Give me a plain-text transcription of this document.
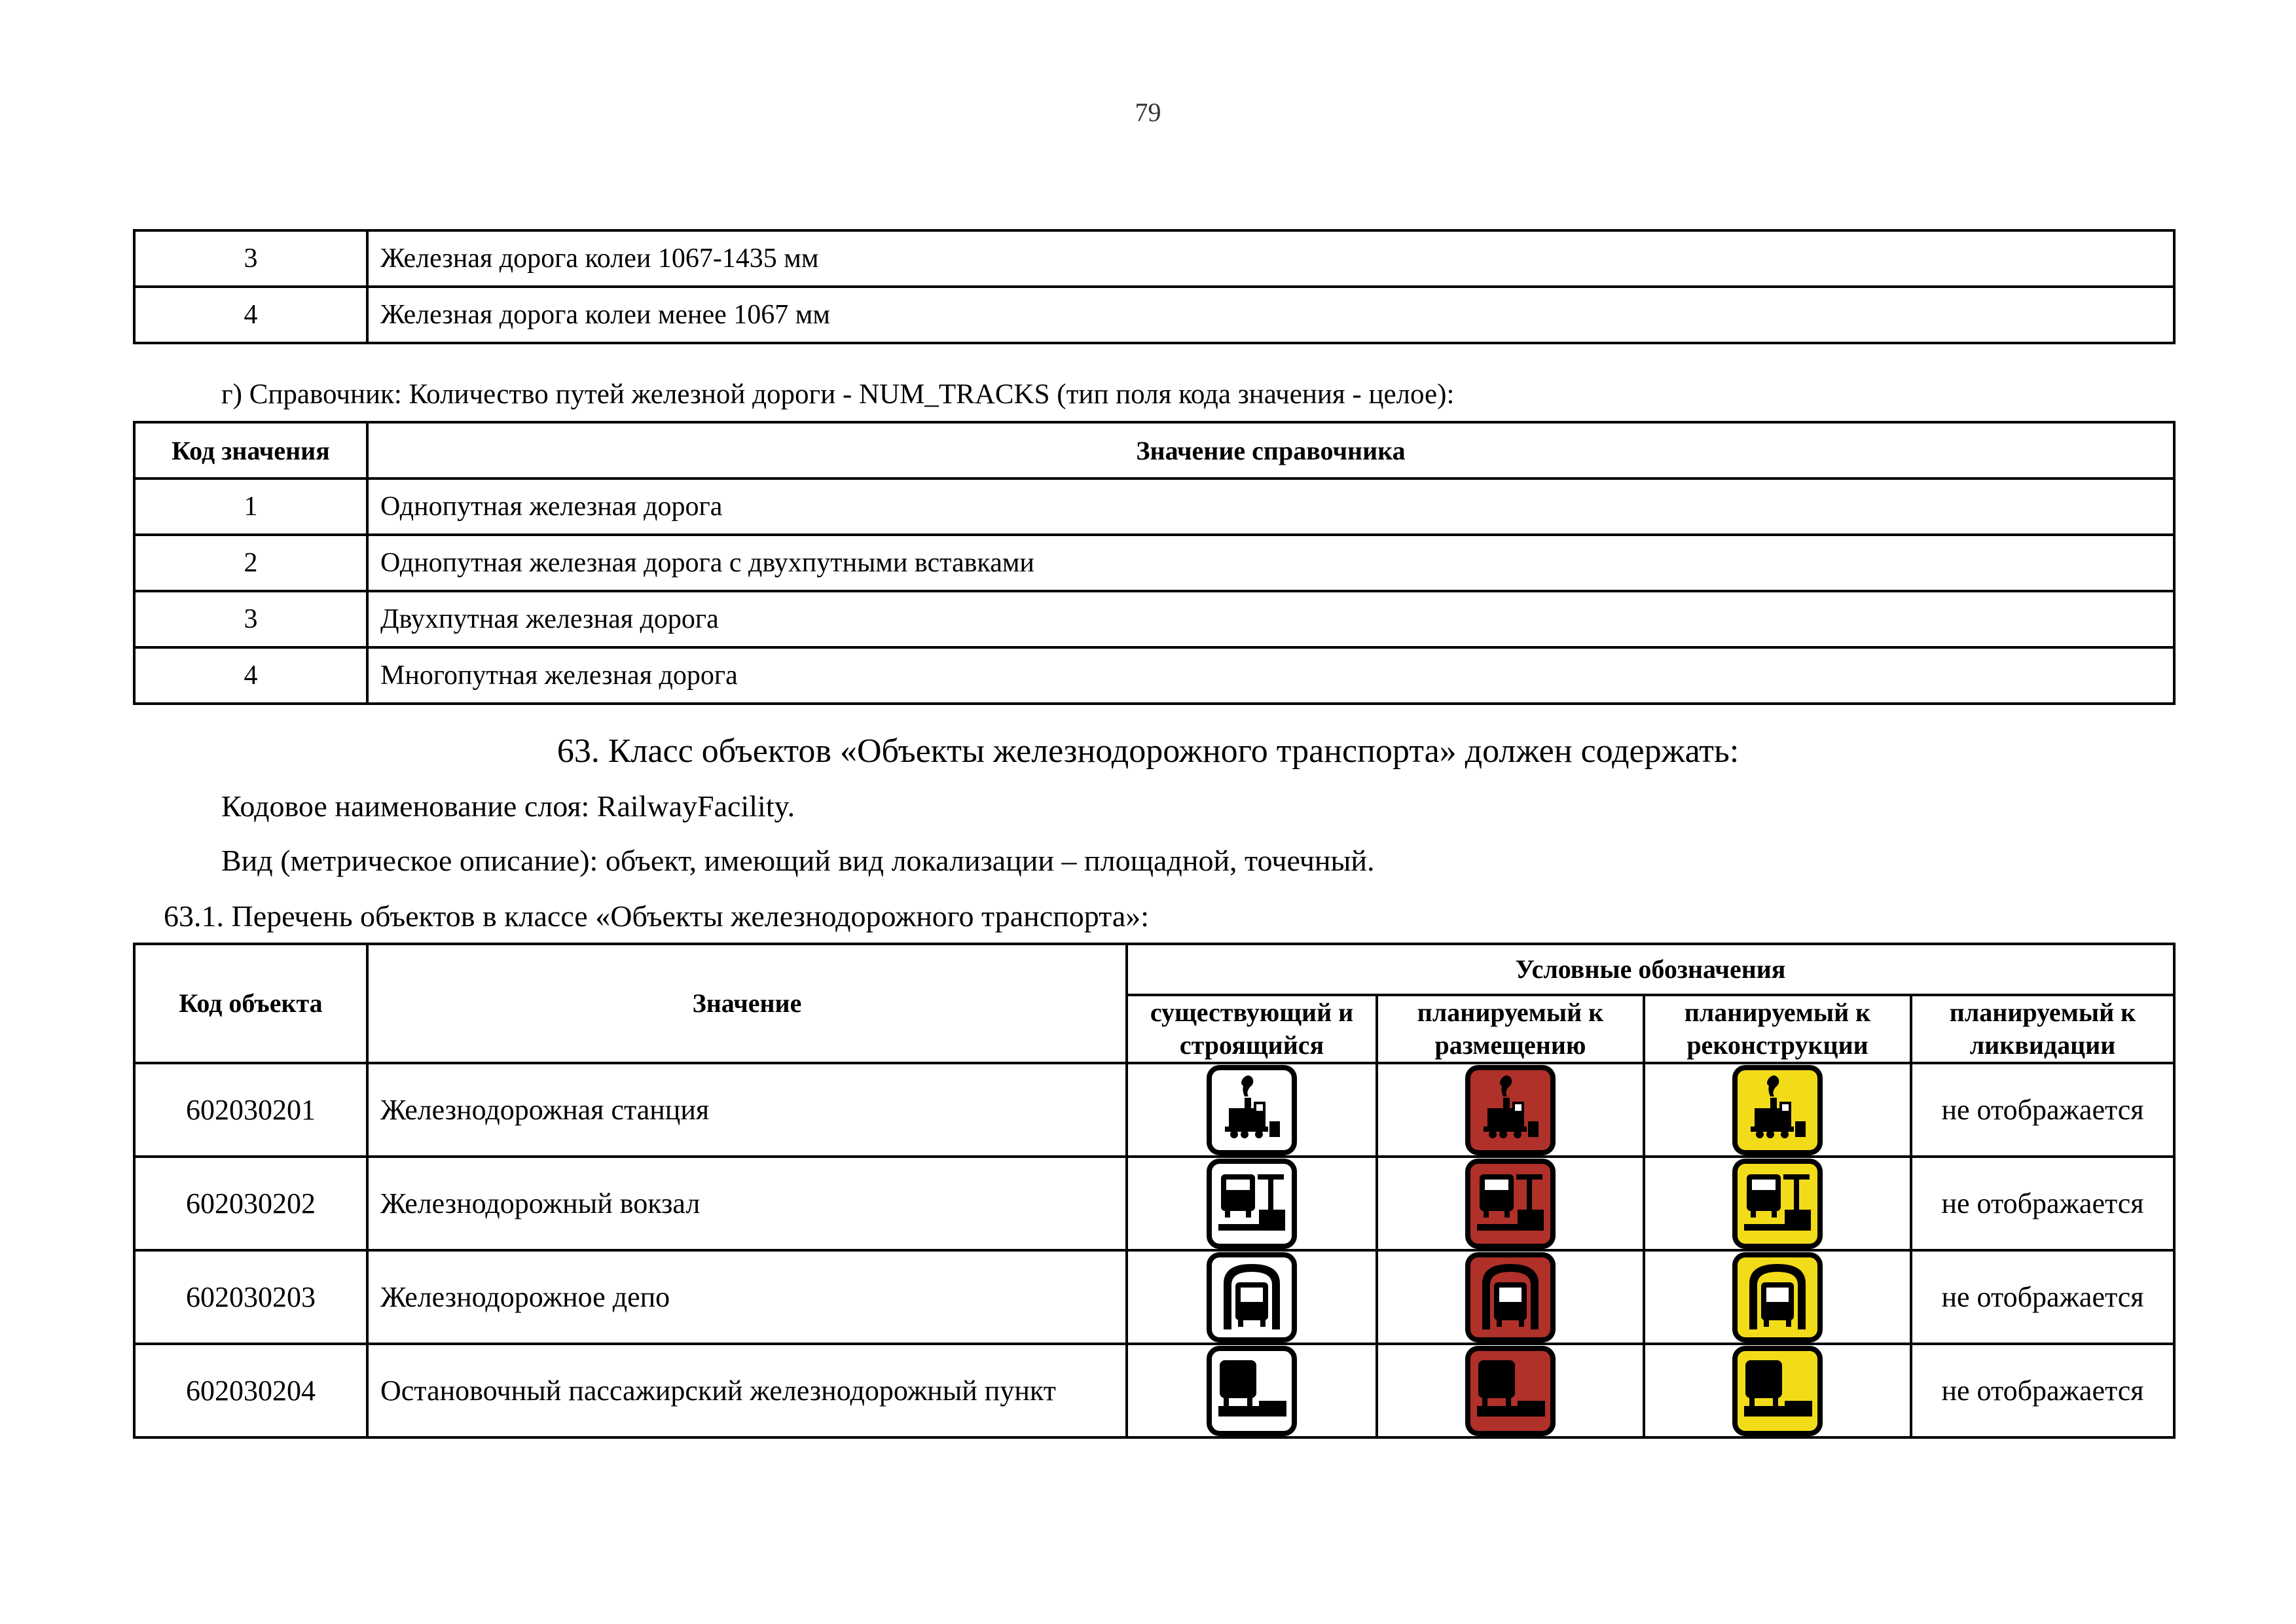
79
3	Железная дорога колеи 1067-1435 мм
4	Железная дорога колеи менее 1067 мм
г) Справочник: Количество путей железной дороги - NUM_TRACKS (тип поля кода значения - целое):
Код значения	Значение справочника
1	Однопутная железная дорога
2	Однопутная железная дорога с двухпутными вставками
3	Двухпутная железная дорога
4	Многопутная железная дорога
63. Класс объектов «Объекты железнодорожного транспорта» должен содержать:
Кодовое наименование слоя: RailwayFacility.
Вид (метрическое описание): объект, имеющий вид локализации – площадной, точечный.
63.1. Перечень объектов в классе «Объекты железнодорожного транспорта»:
Код объекта	Значение	Условные обозначения			
		существующий и строящийся	планируемый к размещению	планируемый к реконструкции	планируемый к ликвидации
602030201	Железнодорожная станция				не отображается
602030202	Железнодорожный вокзал				не отображается
602030203	Железнодорожное депо				не отображается
602030204	Остановочный пассажирский железнодорожный пункт				не отображается
